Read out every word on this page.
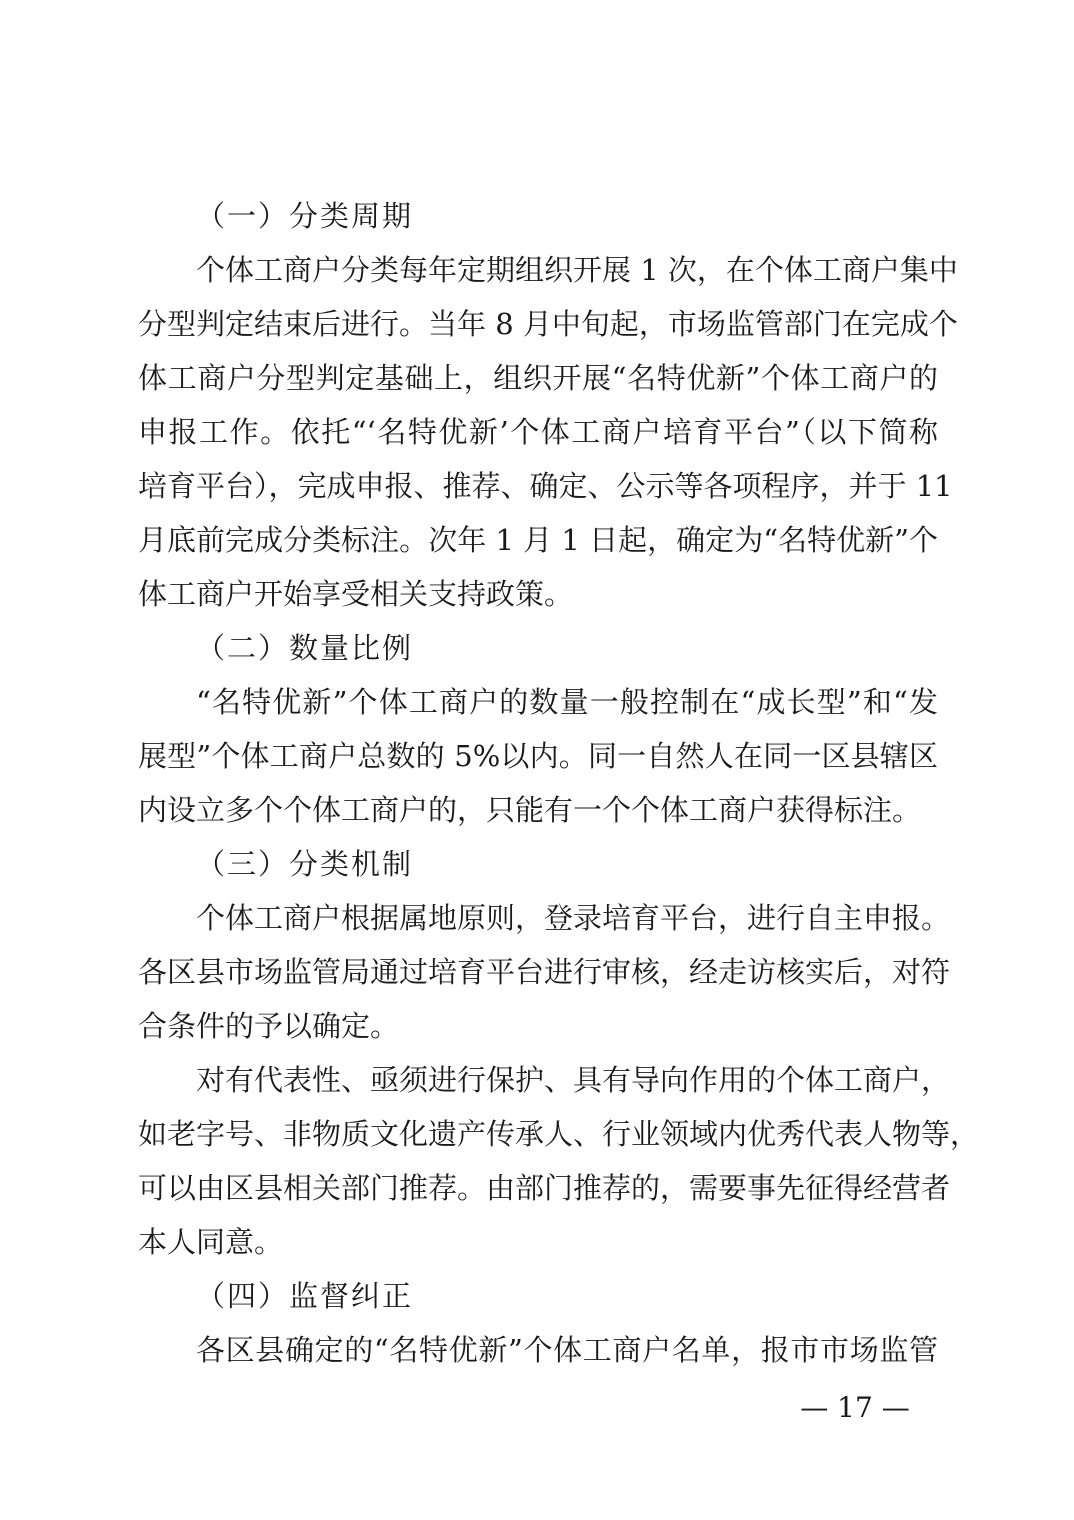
（一）分类周期
个体工商户分类每年定期组织开展 1 次，在个体工商户集中
分型判定结束后进行。当年 8 月中旬起，市场监管部门在完成个
体工商户分型判定基础上，组织开展“名特优新”个体工商户的
申报工作。依托“‘名特优新’个体工商户培育平台”（以下简称
培育平台），完成申报、推荐、确定、公示等各项程序，并于 11
月底前完成分类标注。次年 1 月 1 日起，确定为“名特优新”个
体工商户开始享受相关支持政策。
（二）数量比例
“名特优新”个体工商户的数量一般控制在“成长型”和“发
展型”个体工商户总数的 5%以内。同一自然人在同一区县辖区
内设立多个个体工商户的，只能有一个个体工商户获得标注。
（三）分类机制
个体工商户根据属地原则，登录培育平台，进行自主申报。
各区县市场监管局通过培育平台进行审核，经走访核实后，对符
合条件的予以确定。
对有代表性、亟须进行保护、具有导向作用的个体工商户，
如老字号、非物质文化遗产传承人、行业领域内优秀代表人物等，
可以由区县相关部门推荐。由部门推荐的，需要事先征得经营者
本人同意。
（四）监督纠正
各区县确定的“名特优新”个体工商户名单，报市市场监管
— 17 —
